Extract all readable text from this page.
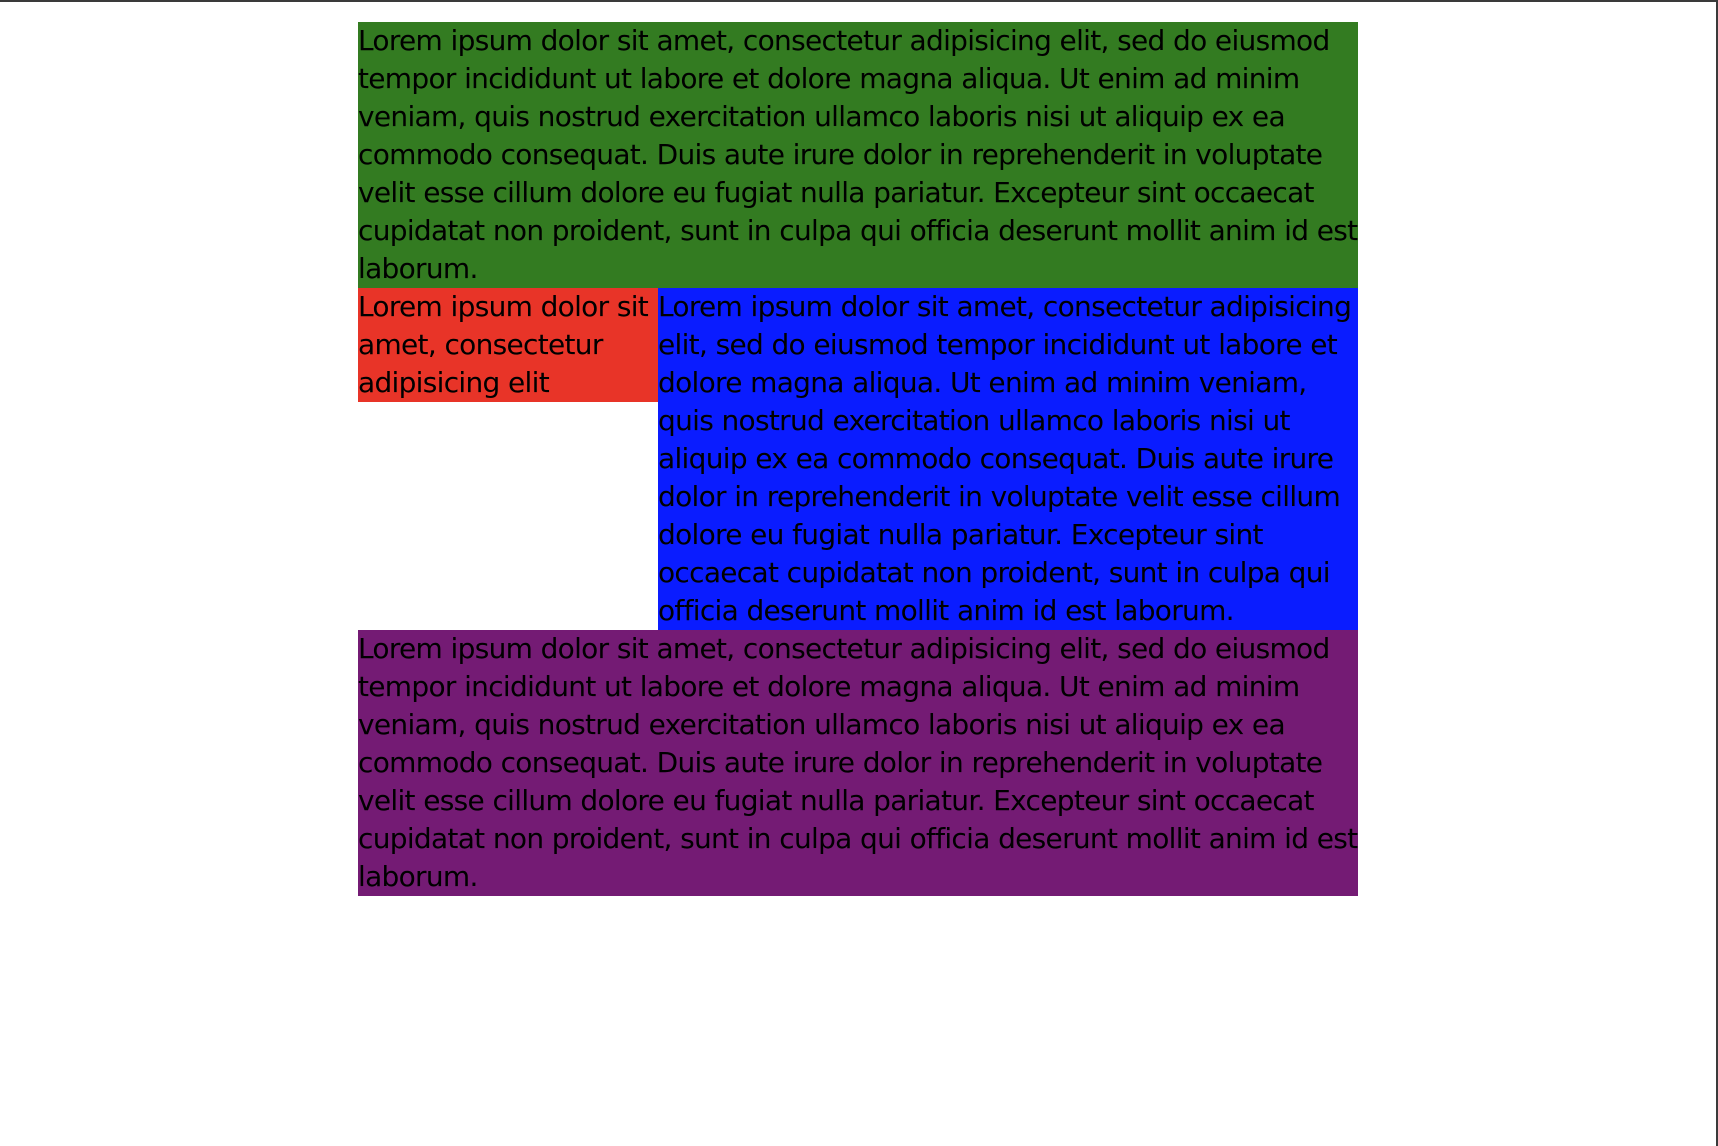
Lorem ipsum dolor sit amet, consectetur adipisicing elit, sed do eiusmod tempor incididunt ut labore et dolore magna aliqua. Ut enim ad minim veniam, quis nostrud exercitation ullamco laboris nisi ut aliquip ex ea commodo consequat. Duis aute irure dolor in reprehenderit in voluptate velit esse cillum dolore eu fugiat nulla pariatur. Excepteur sint occaecat cupidatat non proident, sunt in culpa qui officia deserunt mollit anim id est laborum.
Lorem ipsum dolor sit amet, consectetur adipisicing elit
Lorem ipsum dolor sit amet, consectetur adipisicing elit, sed do eiusmod tempor incididunt ut labore et dolore magna aliqua. Ut enim ad minim veniam, quis nostrud exercitation ullamco laboris nisi ut aliquip ex ea commodo consequat. Duis aute irure dolor in reprehenderit in voluptate velit esse cillum dolore eu fugiat nulla pariatur. Excepteur sint occaecat cupidatat non proident, sunt in culpa qui officia deserunt mollit anim id est laborum.
Lorem ipsum dolor sit amet, consectetur adipisicing elit, sed do eiusmod tempor incididunt ut labore et dolore magna aliqua. Ut enim ad minim veniam, quis nostrud exercitation ullamco laboris nisi ut aliquip ex ea commodo consequat. Duis aute irure dolor in reprehenderit in voluptate velit esse cillum dolore eu fugiat nulla pariatur. Excepteur sint occaecat cupidatat non proident, sunt in culpa qui officia deserunt mollit anim id est laborum.
